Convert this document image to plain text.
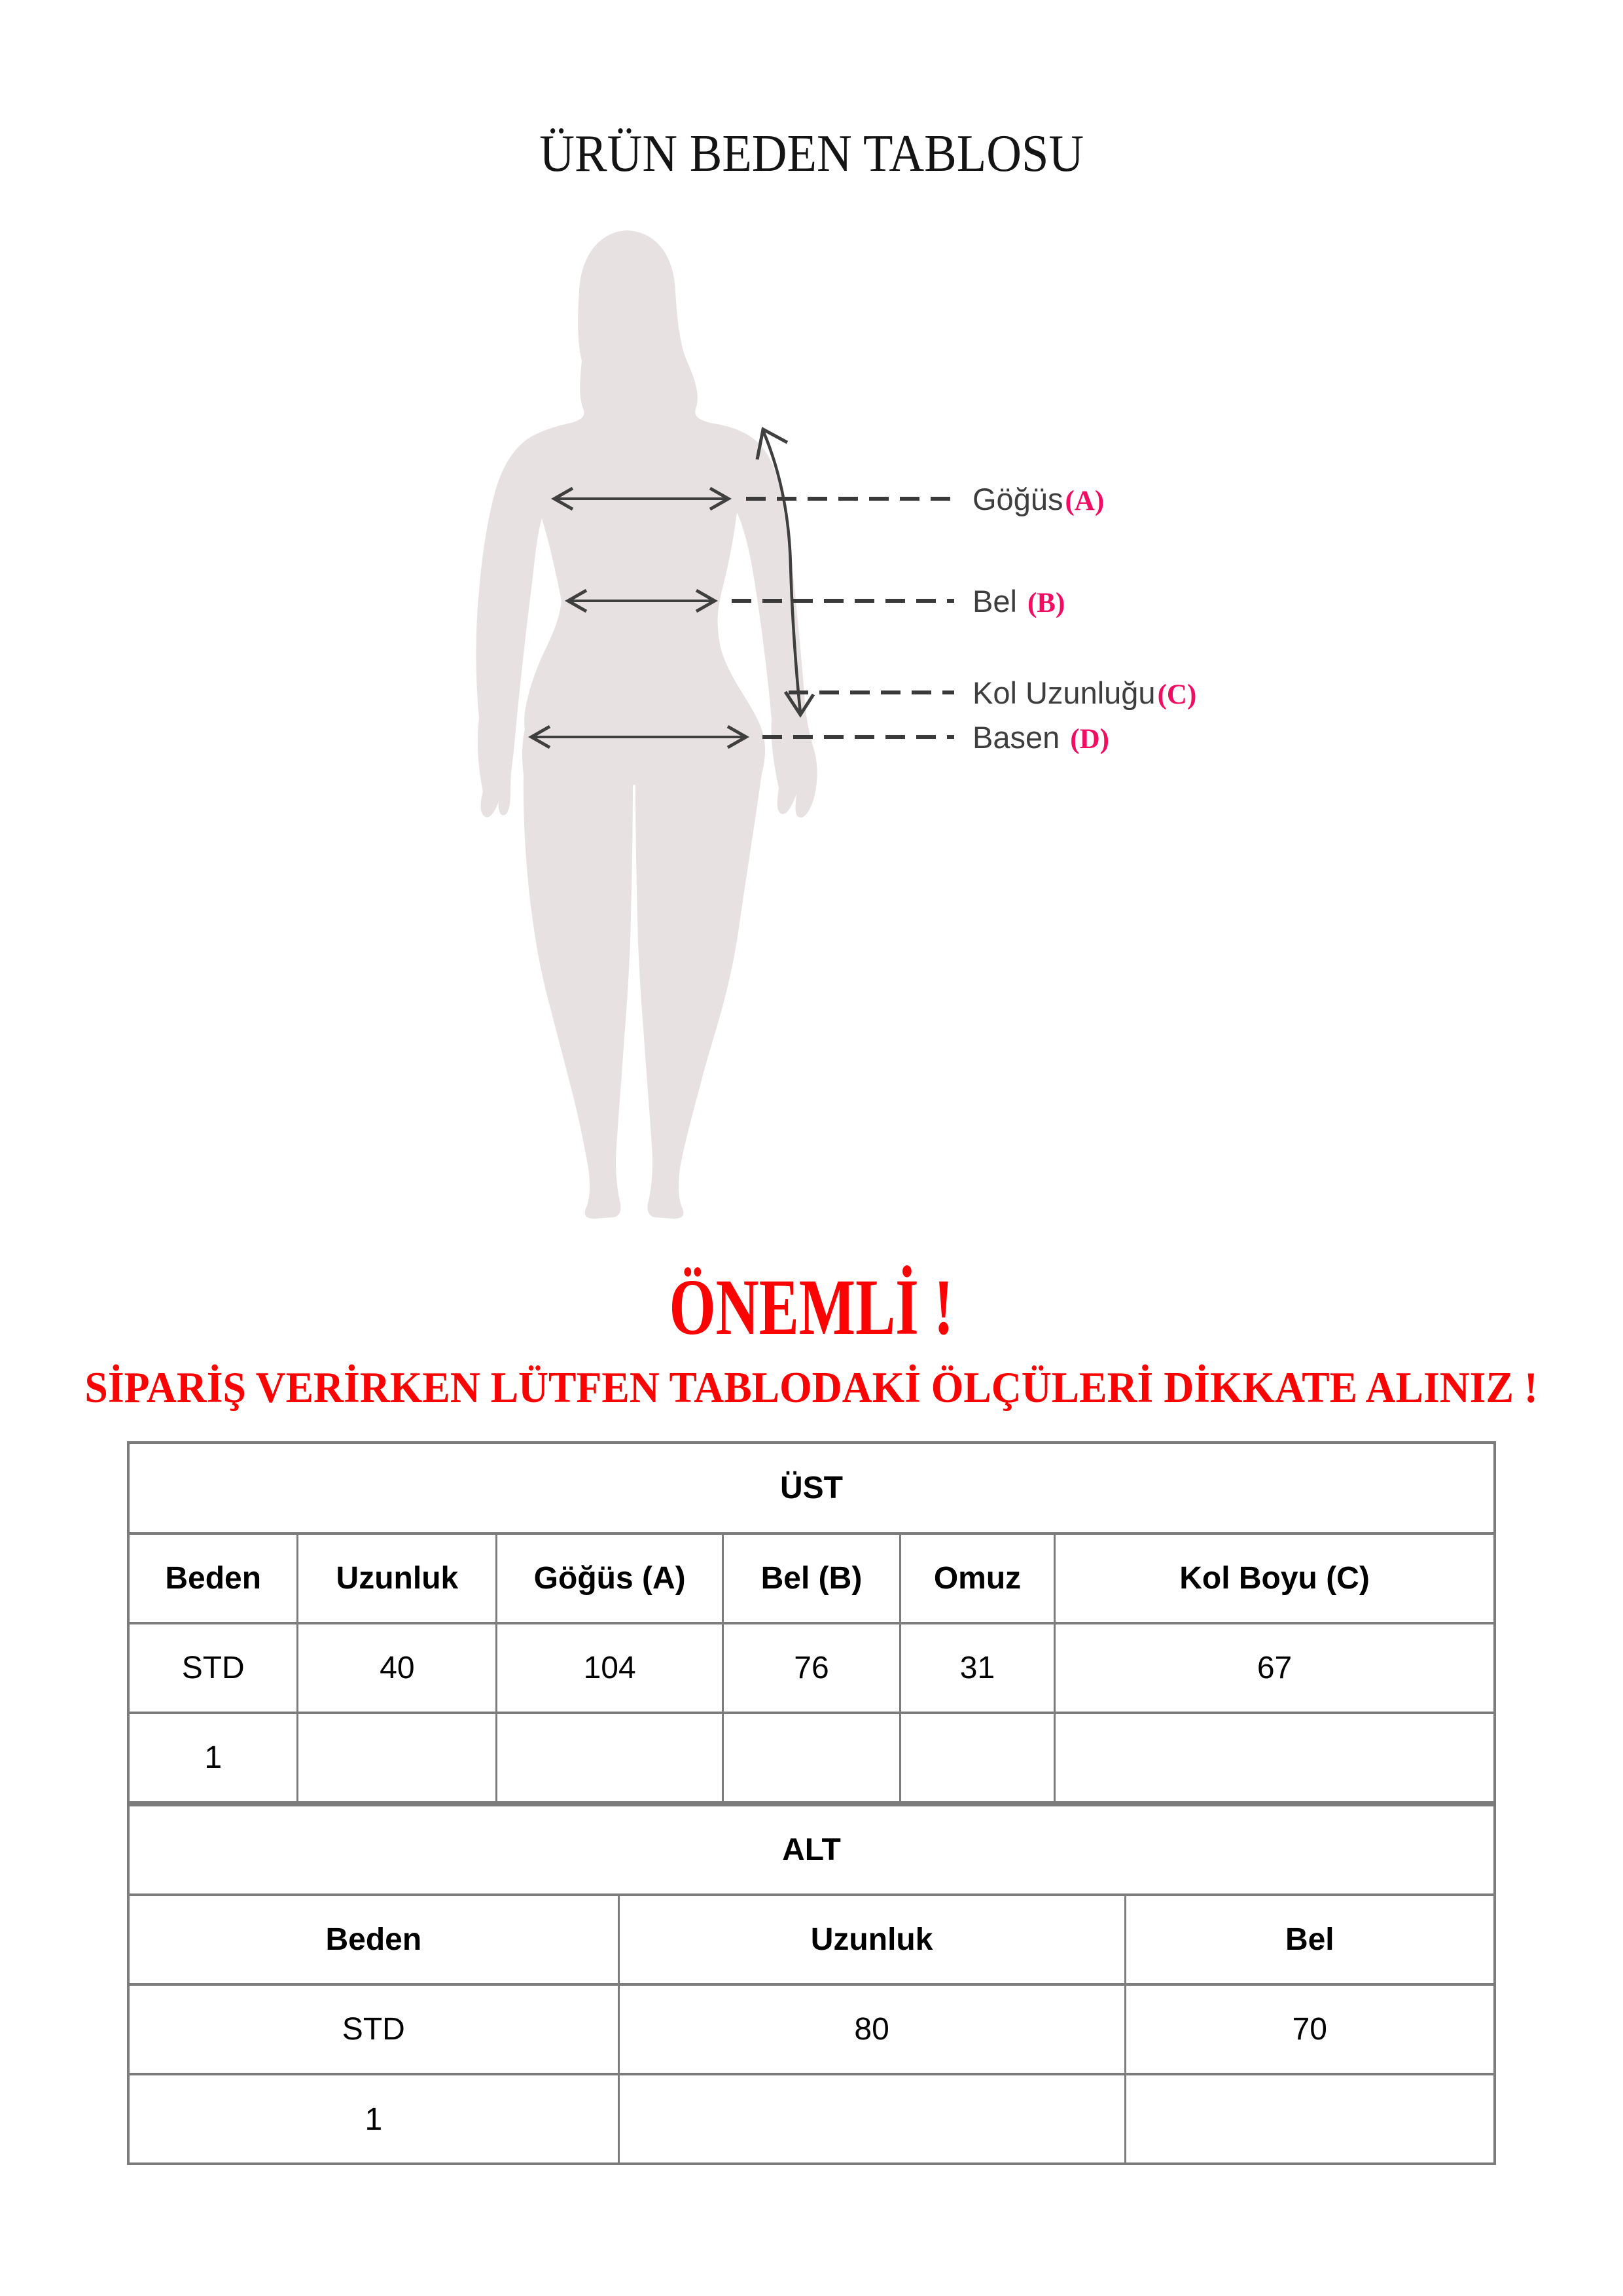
ÜRÜN BEDEN TABLOSU
Göğüs(A)
Bel (B)
Kol Uzunluğu(C)
Basen (D)
ÖNEMLİ !
SİPARİŞ VERİRKEN LÜTFEN TABLODAKİ ÖLÇÜLERİ DİKKATE ALINIZ !
ÜST					
Beden	Uzunluk	Göğüs (A)	Bel (B)	Omuz	Kol Boyu (C)
STD	40	104	76	31	67
1					
ALT		
Beden	Uzunluk	Bel
STD	80	70
1		
